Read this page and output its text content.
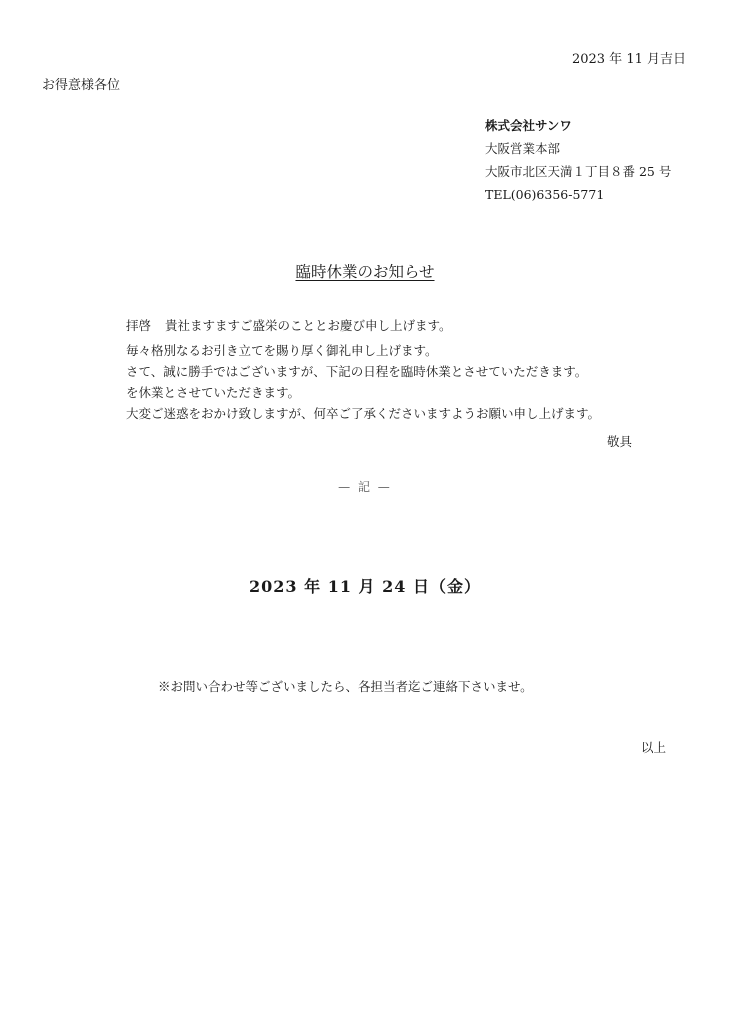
2023 年 11 月吉日
お得意様各位
株式会社サンワ
大阪営業本部
大阪市北区天満１丁目８番 25 号
TEL(06)6356-5771
臨時休業のお知らせ

拝啓 貴社ますますご盛栄のこととお慶び申し上げます。

毎々格別なるお引き立てを賜り厚く御礼申し上げます。

さて、誠に勝手ではございますが、下記の日程を臨時休業とさせていただきます。

を休業とさせていただきます。

大変ご迷惑をおかけ致しますが、何卒ご了承くださいますようお願い申し上げます。

敬具
— 記 —
2023 年 11 月 24 日（金）
※お問い合わせ等ございましたら、各担当者迄ご連絡下さいませ。
以上
